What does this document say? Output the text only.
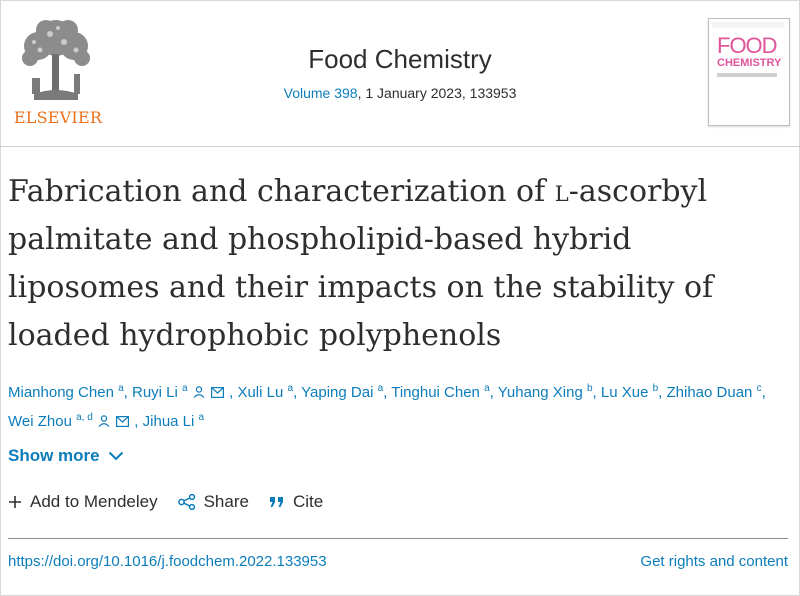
ELSEVIER
Food Chemistry
Volume 398, 1 January 2023, 133953
FOOD
CHEMISTRY
Fabrication and characterization of l-ascorbyl palmitate and phospholipid-based hybrid liposomes and their impacts on the stability of loaded hydrophobic polyphenols
Mianhong Chen $^a$, Ruyi Li $^a$	, Xuli Lu $^a$, Yaping Dai $^a$, Tinghui Chen $^a$, Yuhang Xing $^b$, Lu Xue $^b$, Zhihao Duan $^c$,
Wei Zhou $^{a, d}$	, Jihua Li $^a$
Show more
Add to Mendeley	Share	Cite
https://doi.org/10.1016/j.foodchem.2022.133953	Get rights and content
